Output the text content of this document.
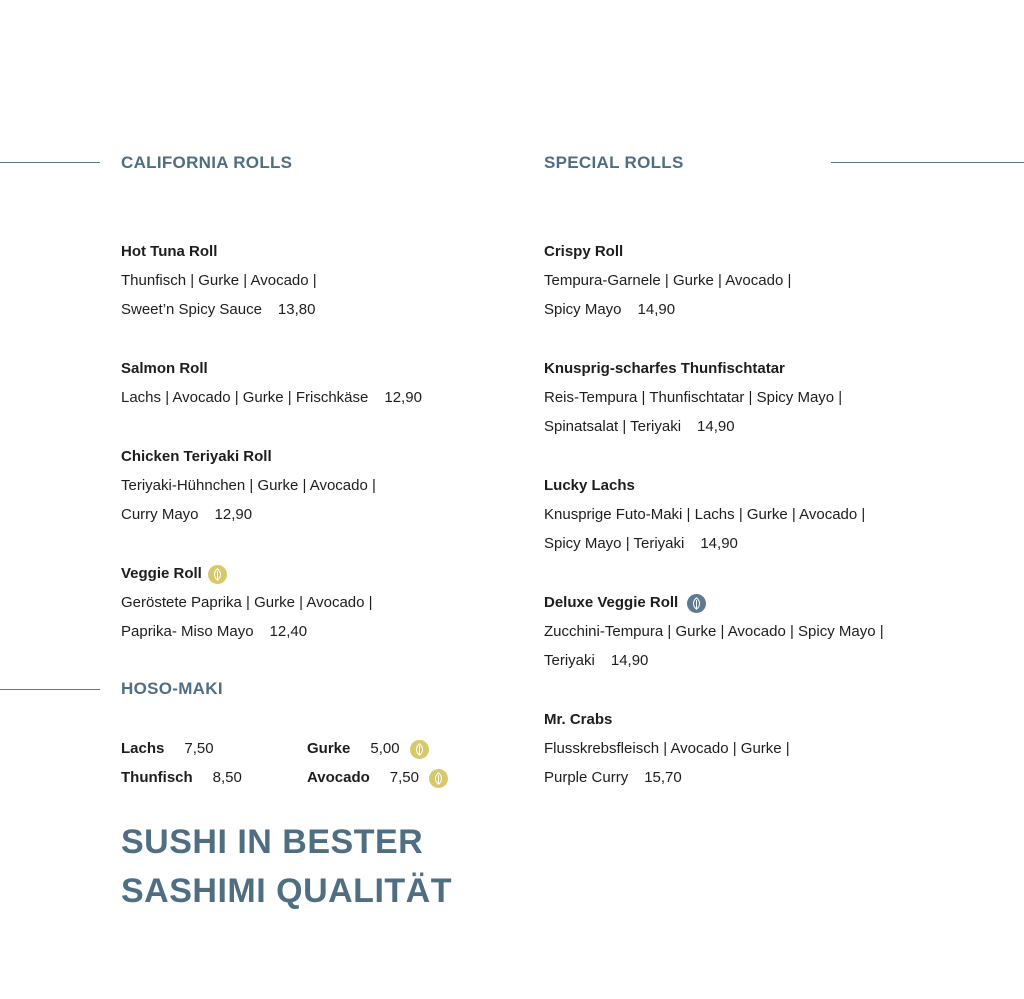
CALIFORNIA ROLLS	SPECIAL ROLLS
HOSO-MAKI
Hot Tuna Roll
Thunfisch | Gurke | Avocado |
Sweet’n Spicy Sauce 13,80
Salmon Roll
Lachs | Avocado | Gurke | Frischkäse 12,90
Chicken Teriyaki Roll
Teriyaki-Hühnchen | Gurke | Avocado |
Curry Mayo 12,90
Veggie Roll
Geröstete Paprika | Gurke | Avocado |
Paprika- Miso Mayo 12,40
Lachs 7,50
Thunfisch 8,50
Gurke 5,00
Avocado 7,50
SUSHI IN BESTER
SASHIMI QUALITÄT
Crispy Roll
Tempura-Garnele | Gurke | Avocado |
Spicy Mayo 14,90
Knusprig-scharfes Thunfischtatar
Reis-Tempura | Thunfischtatar | Spicy Mayo |
Spinatsalat | Teriyaki 14,90
Lucky Lachs
Knusprige Futo-Maki | Lachs | Gurke | Avocado |
Spicy Mayo | Teriyaki 14,90
Deluxe Veggie Roll
Zucchini-Tempura | Gurke | Avocado | Spicy Mayo |
Teriyaki 14,90
Mr. Crabs
Flusskrebsfleisch | Avocado | Gurke |
Purple Curry 15,70
